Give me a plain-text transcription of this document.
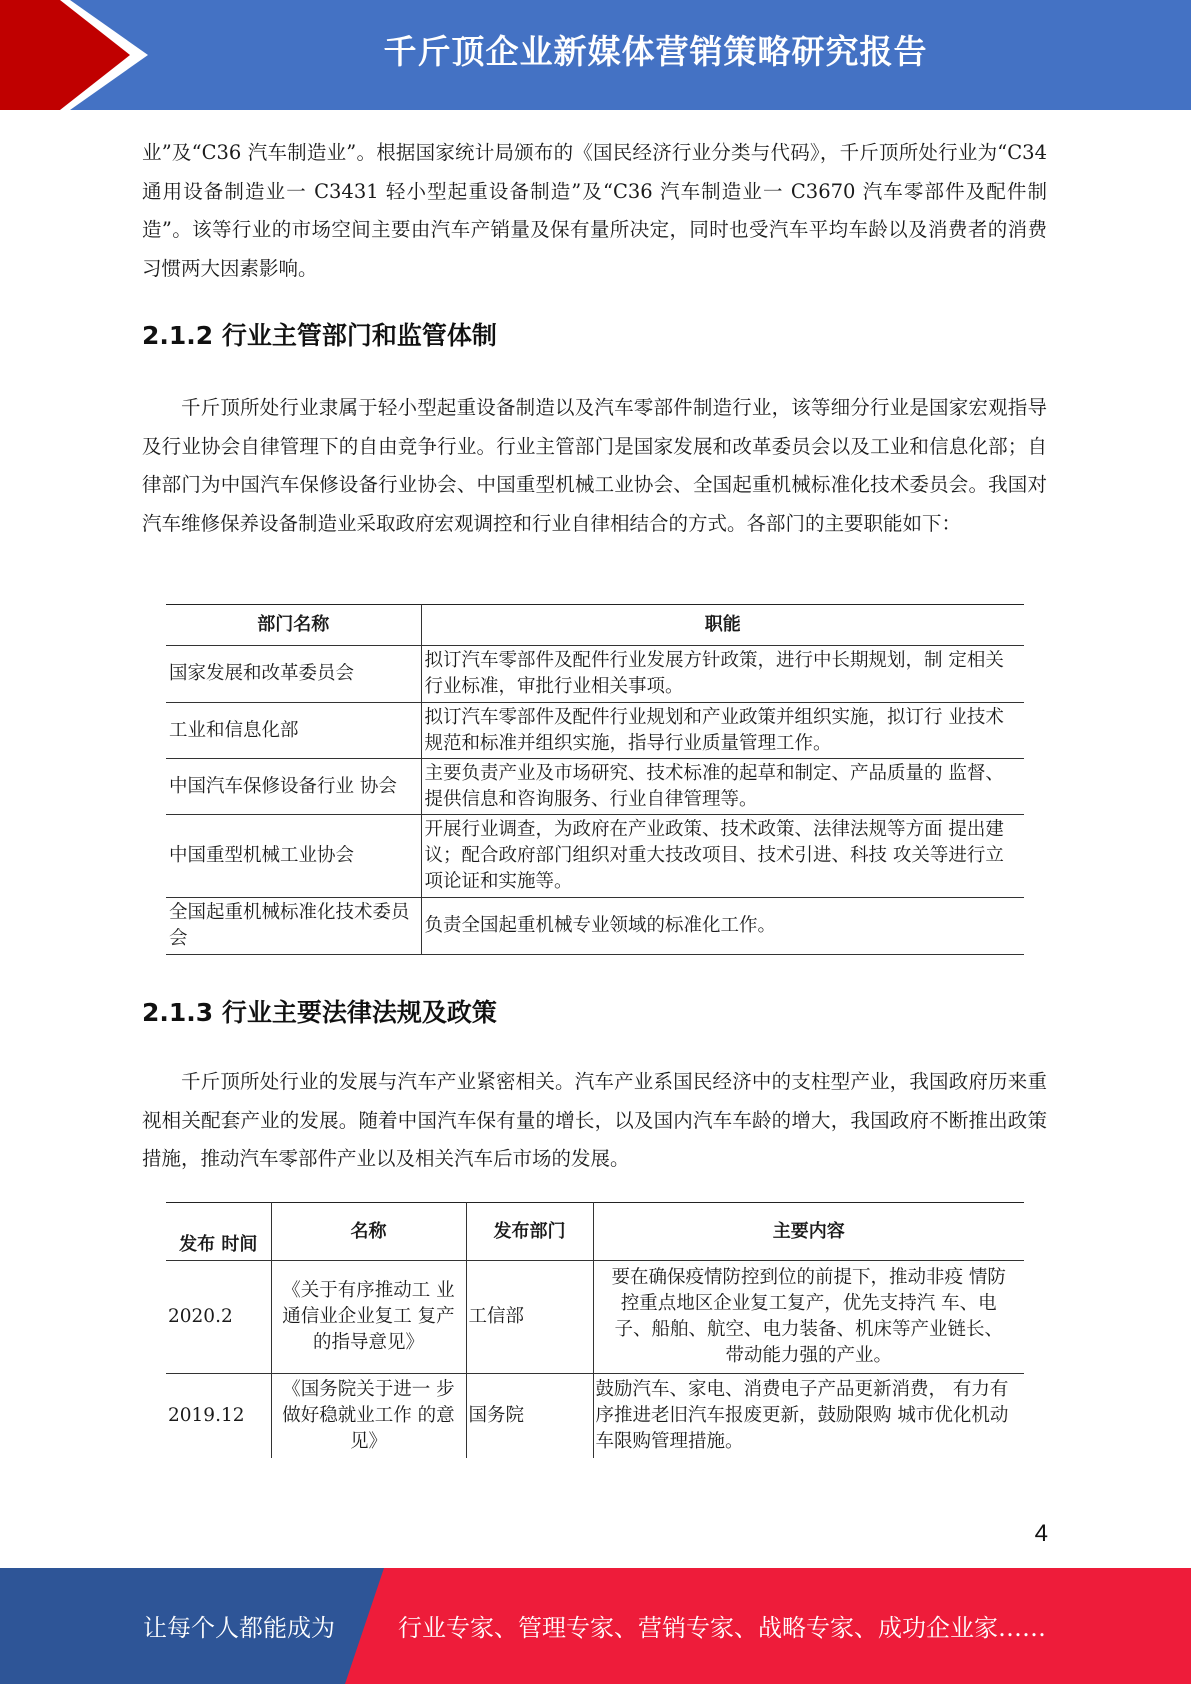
千斤顶企业新媒体营销策略研究报告

业”及“C36 汽车制造业”。根据国家统计局颁布的《国民经济行业分类与代码》，千斤顶所处行业为“C34 通用设备制造业一 C3431 轻小型起重设备制造”及“C36 汽车制造业一 C3670 汽车零部件及配件制造”。该等行业的市场空间主要由汽车产销量及保有量所决定，同时也受汽车平均车龄以及消费者的消费习惯两大因素影响。

2.1.2 行业主管部门和监管体制

千斤顶所处行业隶属于轻小型起重设备制造以及汽车零部件制造行业，该等细分行业是国家宏观指导及行业协会自律管理下的自由竞争行业。行业主管部门是国家发展和改革委员会以及工业和信息化部；自律部门为中国汽车保修设备行业协会、中国重型机械工业协会、全国起重机械标准化技术委员会。我国对汽车维修保养设备制造业采取政府宏观调控和行业自律相结合的方式。各部门的主要职能如下：

部门名称	职能
国家发展和改革委员会	拟订汽车零部件及配件行业发展方针政策，进行中长期规划，制 定相关行业标准，审批行业相关事项。
工业和信息化部	拟订汽车零部件及配件行业规划和产业政策并组织实施，拟订行 业技术规范和标准并组织实施，指导行业质量管理工作。
中国汽车保修设备行业 协会	主要负责产业及市场研究、技术标准的起草和制定、产品质量的 监督、提供信息和咨询服务、行业自律管理等。
中国重型机械工业协会	开展行业调查，为政府在产业政策、技术政策、法律法规等方面 提出建议；配合政府部门组织对重大技改项目、技术引进、科技 攻关等进行立项论证和实施等。
全国起重机械标准化技术委员会	负责全国起重机械专业领域的标准化工作。
2.1.3 行业主要法律法规及政策

千斤顶所处行业的发展与汽车产业紧密相关。汽车产业系国民经济中的支柱型产业，我国政府历来重视相关配套产业的发展。随着中国汽车保有量的增长，以及国内汽车车龄的增大，我国政府不断推出政策措施，推动汽车零部件产业以及相关汽车后市场的发展。

发布 时间	名称	发布部门	主要内容
2020.2	《关于有序推动工 业通信业企业复工 复产的指导意见》	工信部	要在确保疫情防控到位的前提下，推动非疫 情防控重点地区企业复工复产，优先支持汽 车、电子、船舶、航空、电力装备、机床等产业链长、带动能力强的产业。
2019.12	《国务院关于进一 步做好稳就业工作 的意见》	国务院	鼓励汽车、家电、消费电子产品更新消费， 有力有序推进老旧汽车报废更新，鼓励限购 城市优化机动车限购管理措施。
4
让每个人都能成为	行业专家、管理专家、营销专家、战略专家、成功企业家……
